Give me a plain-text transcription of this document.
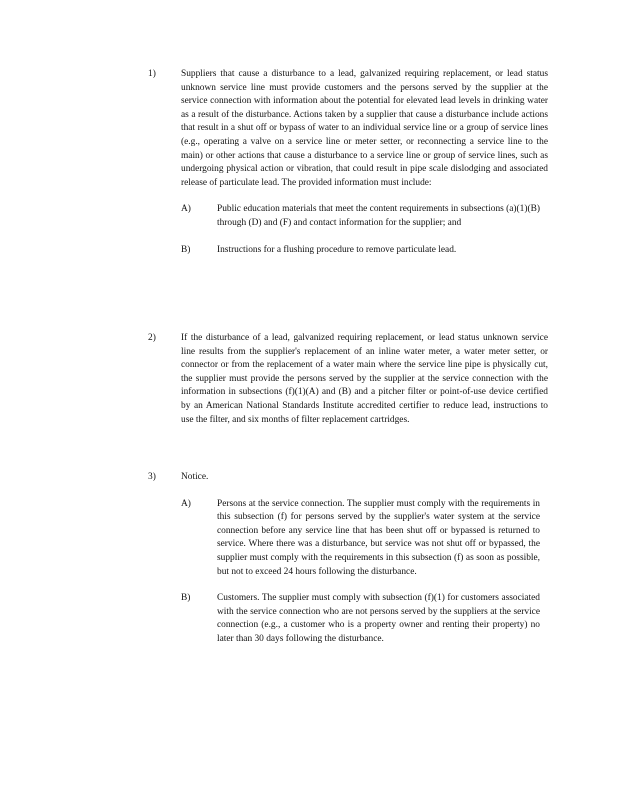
1)	Suppliers that cause a disturbance to a lead, galvanized requiring replacement, or lead status unknown service line must provide customers and the persons served by the supplier at the service connection with information about the potential for elevated lead levels in drinking water as a result of the disturbance. Actions taken by a supplier that cause a disturbance include actions that result in a shut off or bypass of water to an individual service line or a group of service lines (e.g., operating a valve on a service line or meter setter, or reconnecting a service line to the main) or other actions that cause a disturbance to a service line or group of service lines, such as undergoing physical action or vibration, that could result in pipe scale dislodging and associated release of particulate lead. The provided information must include:
A)	Public education materials that meet the content requirements in subsections (a)(1)(B) through (D) and (F) and contact information for the supplier; and
B)	Instructions for a flushing procedure to remove particulate lead.
2)	If the disturbance of a lead, galvanized requiring replacement, or lead status unknown service line results from the supplier's replacement of an inline water meter, a water meter setter, or connector or from the replacement of a water main where the service line pipe is physically cut, the supplier must provide the persons served by the supplier at the service connection with the information in subsections (f)(1)(A) and (B) and a pitcher filter or point-of-use device certified by an American National Standards Institute accredited certifier to reduce lead, instructions to use the filter, and six months of filter replacement cartridges.
3)	Notice.
A)	Persons at the service connection. The supplier must comply with the requirements in this subsection (f) for persons served by the supplier's water system at the service connection before any service line that has been shut off or bypassed is returned to service. Where there was a disturbance, but service was not shut off or bypassed, the supplier must comply with the requirements in this subsection (f) as soon as possible, but not to exceed 24 hours following the disturbance.
B)	Customers. The supplier must comply with subsection (f)(1) for customers associated with the service connection who are not persons served by the suppliers at the service connection (e.g., a customer who is a property owner and renting their property) no later than 30 days following the disturbance.
